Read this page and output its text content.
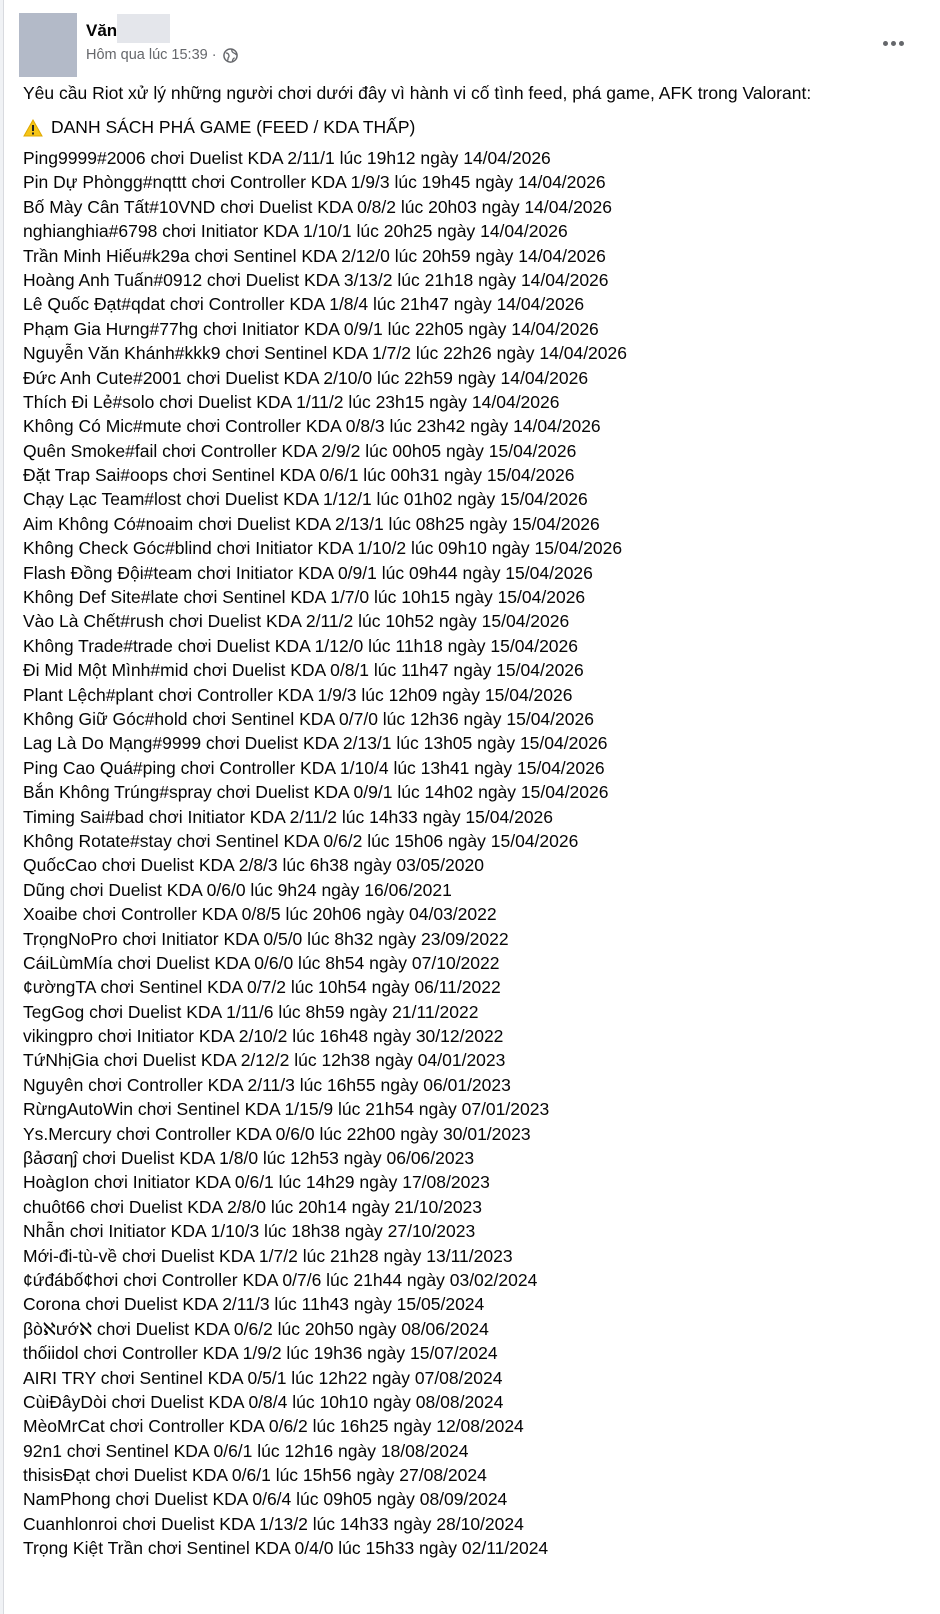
Văn
Hôm qua lúc 15:39 ·

Yêu cầu Riot xử lý những người chơi dưới đây vì hành vi cố tình feed, phá game, AFK trong Valorant:

DANH SÁCH PHÁ GAME (FEED / KDA THẤP)

Ping9999#2006 chơi Duelist KDA 2/11/1 lúc 19h12 ngày 14/04/2026
Pin Dự Phòngg#nqttt chơi Controller KDA 1/9/3 lúc 19h45 ngày 14/04/2026
Bố Mày Cân Tất#10VND chơi Duelist KDA 0/8/2 lúc 20h03 ngày 14/04/2026
nghianghia#6798 chơi Initiator KDA 1/10/1 lúc 20h25 ngày 14/04/2026
Trần Minh Hiếu#k29a chơi Sentinel KDA 2/12/0 lúc 20h59 ngày 14/04/2026
Hoàng Anh Tuấn#0912 chơi Duelist KDA 3/13/2 lúc 21h18 ngày 14/04/2026
Lê Quốc Đạt#qdat chơi Controller KDA 1/8/4 lúc 21h47 ngày 14/04/2026
Phạm Gia Hưng#77hg chơi Initiator KDA 0/9/1 lúc 22h05 ngày 14/04/2026
Nguyễn Văn Khánh#kkk9 chơi Sentinel KDA 1/7/2 lúc 22h26 ngày 14/04/2026
Đức Anh Cute#2001 chơi Duelist KDA 2/10/0 lúc 22h59 ngày 14/04/2026
Thích Đi Lẻ#solo chơi Duelist KDA 1/11/2 lúc 23h15 ngày 14/04/2026
Không Có Mic#mute chơi Controller KDA 0/8/3 lúc 23h42 ngày 14/04/2026
Quên Smoke#fail chơi Controller KDA 2/9/2 lúc 00h05 ngày 15/04/2026
Đặt Trap Sai#oops chơi Sentinel KDA 0/6/1 lúc 00h31 ngày 15/04/2026
Chạy Lạc Team#lost chơi Duelist KDA 1/12/1 lúc 01h02 ngày 15/04/2026
Aim Không Có#noaim chơi Duelist KDA 2/13/1 lúc 08h25 ngày 15/04/2026
Không Check Góc#blind chơi Initiator KDA 1/10/2 lúc 09h10 ngày 15/04/2026
Flash Đồng Đội#team chơi Initiator KDA 0/9/1 lúc 09h44 ngày 15/04/2026
Không Def Site#late chơi Sentinel KDA 1/7/0 lúc 10h15 ngày 15/04/2026
Vào Là Chết#rush chơi Duelist KDA 2/11/2 lúc 10h52 ngày 15/04/2026
Không Trade#trade chơi Duelist KDA 1/12/0 lúc 11h18 ngày 15/04/2026
Đi Mid Một Mình#mid chơi Duelist KDA 0/8/1 lúc 11h47 ngày 15/04/2026
Plant Lệch#plant chơi Controller KDA 1/9/3 lúc 12h09 ngày 15/04/2026
Không Giữ Góc#hold chơi Sentinel KDA 0/7/0 lúc 12h36 ngày 15/04/2026
Lag Là Do Mạng#9999 chơi Duelist KDA 2/13/1 lúc 13h05 ngày 15/04/2026
Ping Cao Quá#ping chơi Controller KDA 1/10/4 lúc 13h41 ngày 15/04/2026
Bắn Không Trúng#spray chơi Duelist KDA 0/9/1 lúc 14h02 ngày 15/04/2026
Timing Sai#bad chơi Initiator KDA 2/11/2 lúc 14h33 ngày 15/04/2026
Không Rotate#stay chơi Sentinel KDA 0/6/2 lúc 15h06 ngày 15/04/2026
QuốcCao chơi Duelist KDA 2/8/3 lúc 6h38 ngày 03/05/2020
Dũng chơi Duelist KDA 0/6/0 lúc 9h24 ngày 16/06/2021
Xoaibe chơi Controller KDA 0/8/5 lúc 20h06 ngày 04/03/2022
TrọngNoPro chơi Initiator KDA 0/5/0 lúc 8h32 ngày 23/09/2022
CáiLùmMía chơi Duelist KDA 0/6/0 lúc 8h54 ngày 07/10/2022
¢ườngTA chơi Sentinel KDA 0/7/2 lúc 10h54 ngày 06/11/2022
TegGog chơi Duelist KDA 1/11/6 lúc 8h59 ngày 21/11/2022
vikingpro chơi Initiator KDA 2/10/2 lúc 16h48 ngày 30/12/2022
TứNhịGia chơi Duelist KDA 2/12/2 lúc 12h38 ngày 04/01/2023
Nguyên chơi Controller KDA 2/11/3 lúc 16h55 ngày 06/01/2023
RừngAutoWin chơi Sentinel KDA 1/15/9 lúc 21h54 ngày 07/01/2023
Ys.Mercury chơi Controller KDA 0/6/0 lúc 22h00 ngày 30/01/2023
βảσαηĵ chơi Duelist KDA 1/8/0 lúc 12h53 ngày 06/06/2023
HoàgIon chơi Initiator KDA 0/6/1 lúc 14h29 ngày 17/08/2023
chuôt66 chơi Duelist KDA 2/8/0 lúc 20h14 ngày 21/10/2023
Nhẫn chơi Initiator KDA 1/10/3 lúc 18h38 ngày 27/10/2023
Mới-đi-tù-về chơi Duelist KDA 1/7/2 lúc 21h28 ngày 13/11/2023
¢ứđábố¢hơi chơi Controller KDA 0/7/6 lúc 21h44 ngày 03/02/2024
Corona chơi Duelist KDA 2/11/3 lúc 11h43 ngày 15/05/2024
βòℵướℵ chơi Duelist KDA 0/6/2 lúc 20h50 ngày 08/06/2024
thốiidol chơi Controller KDA 1/9/2 lúc 19h36 ngày 15/07/2024
AIRI TRY chơi Sentinel KDA 0/5/1 lúc 12h22 ngày 07/08/2024
CùiĐâyDòi chơi Duelist KDA 0/8/4 lúc 10h10 ngày 08/08/2024
MèoMrCat chơi Controller KDA 0/6/2 lúc 16h25 ngày 12/08/2024
92n1 chơi Sentinel KDA 0/6/1 lúc 12h16 ngày 18/08/2024
thisisĐạt chơi Duelist KDA 0/6/1 lúc 15h56 ngày 27/08/2024
NamPhong chơi Duelist KDA 0/6/4 lúc 09h05 ngày 08/09/2024
Cuanhlonroi chơi Duelist KDA 1/13/2 lúc 14h33 ngày 28/10/2024
Trọng Kiệt Trần chơi Sentinel KDA 0/4/0 lúc 15h33 ngày 02/11/2024
